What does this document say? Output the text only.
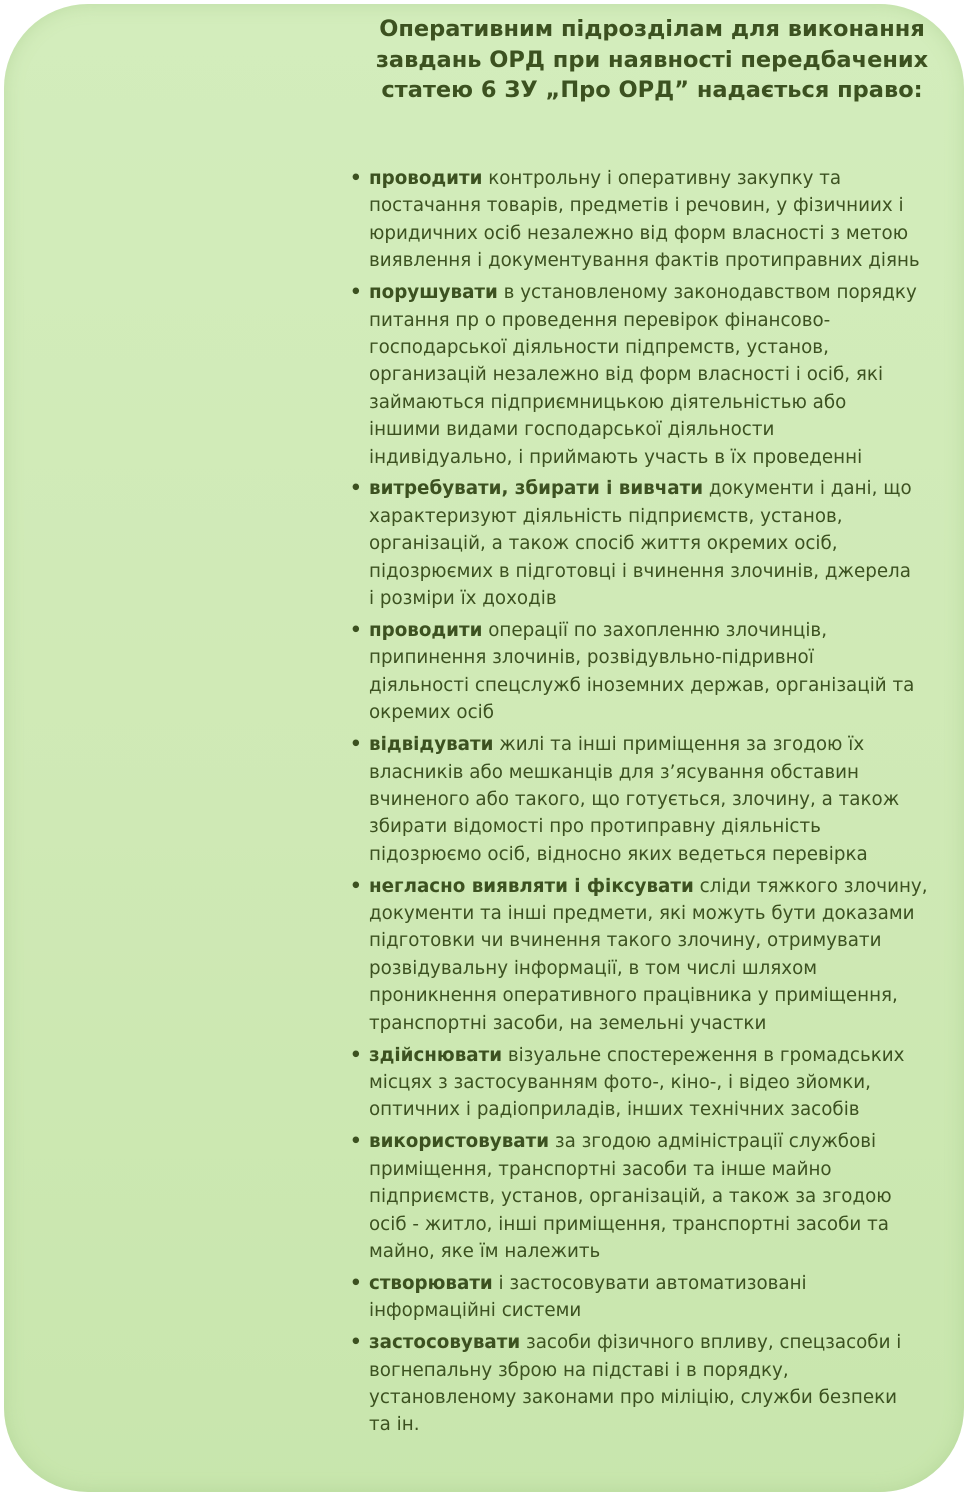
Оперативним підрозділам для виконання
завдань ОРД при наявності передбачених
статею 6 ЗУ „Про ОРД” надається право:
• проводити контрольну і оперативну закупку та
постачання товарів, предметів і речовин, у фізичниих і
юридичних осіб незалежно від форм власності з метою
виявлення і документування фактів протиправних діянь
• порушувати в установленому законодавством порядку
питання пр о проведення перевірок фінансово-
господарської діяльности підпремств, установ,
организацій незалежно від форм власності і осіб, які
займаються підприємницькою діятельністью або
іншими видами господарської діяльности
індивідуально, і приймають участь в їх проведенні
• витребувати, збирати і вивчати документи і дані, що
характеризуют діяльність підприємств, установ,
організацій, а також спосіб життя окремих осіб,
підозрюємих в підготовці і вчинення злочинів, джерела
і розміри їх доходів
• проводити операції по захопленню злочинців,
припинення злочинів, розвідувльно-підривної
діяльності спецслужб іноземних держав, організацій та
окремих осіб
• відвідувати жилі та інші приміщення за згодою їх
власників або мешканців для з’ясування обставин
вчиненого або такого, що готується, злочину, а також
збирати відомості про протиправну діяльність
підозрюємо осіб, відносно яких ведеться перевірка
• негласно виявляти і фіксувати сліди тяжкого злочину,
документи та інші предмети, які можуть бути доказами
підготовки чи вчинення такого злочину, отримувати
розвідувальну інформації, в том числі шляхом
проникнення оперативного працівника у приміщення,
транспортні засоби, на земельні участки
• здійснювати візуальне спостереження в громадських
місцях з застосуванням фото-, кіно-, і відео зйомки,
оптичних і радіоприладів, інших технічних засобів
• використовувати за згодою адміністрації службові
приміщення, транспортні засоби та інше майно
підприємств, установ, організацій, а також за згодою
осіб - житло, інші приміщення, транспортні засоби та
майно, яке їм належить
• створювати і застосовувати автоматизовані
інформаційні системи
• застосовувати засоби фізичного впливу, спецзасоби і
вогнепальну зброю на підставі і в порядку,
установленому законами про міліцію, служби безпеки
та ін.
